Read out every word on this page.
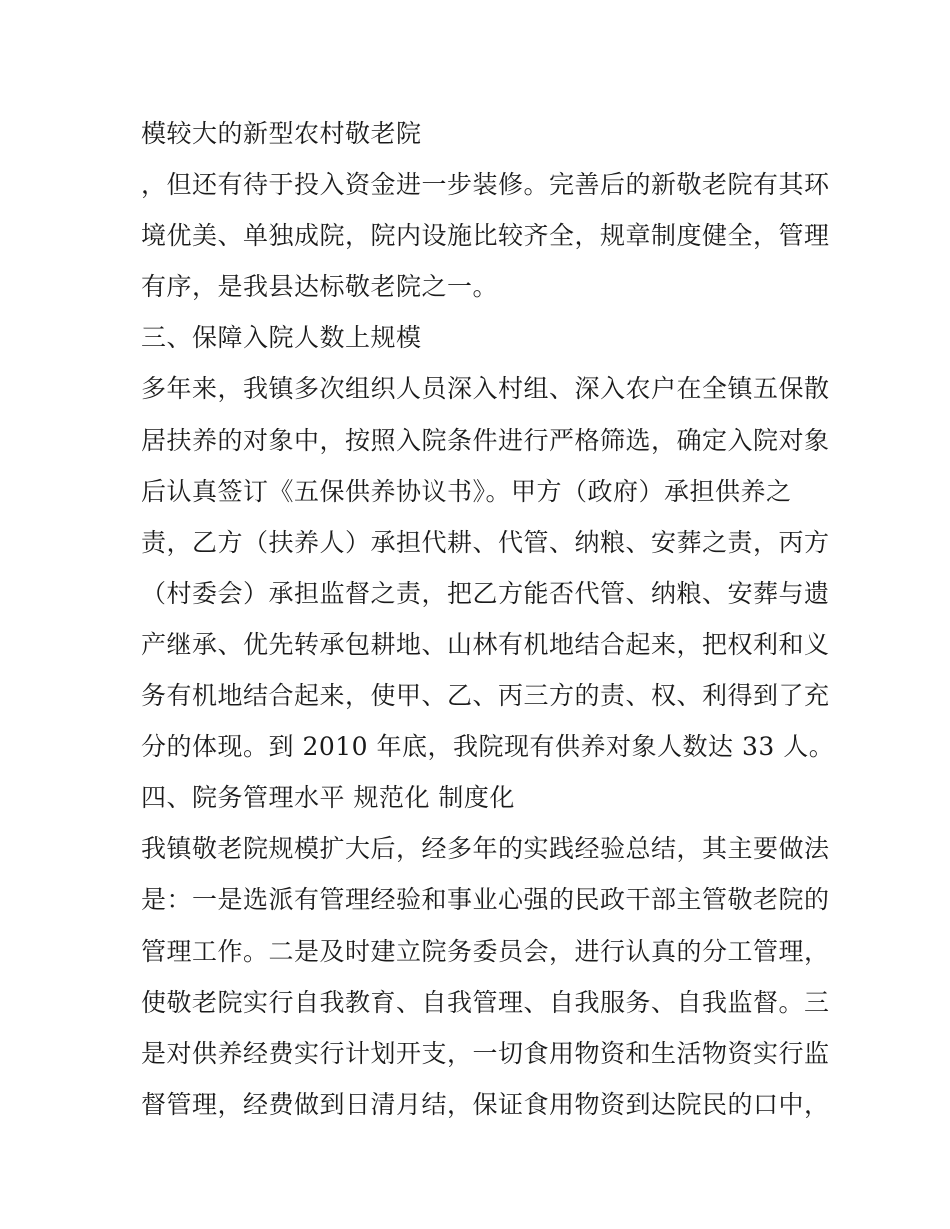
模较大的新型农村敬老院
，但还有待于投入资金进一步装修。完善后的新敬老院有其环
境优美、单独成院，院内设施比较齐全，规章制度健全，管理
有序，是我县达标敬老院之一。
三、保障入院人数上规模
多年来，我镇多次组织人员深入村组、深入农户在全镇五保散
居扶养的对象中，按照入院条件进行严格筛选，确定入院对象
后认真签订《五保供养协议书》。甲方（政府）承担供养之
责，乙方（扶养人）承担代耕、代管、纳粮、安葬之责，丙方
（村委会）承担监督之责，把乙方能否代管、纳粮、安葬与遗
产继承、优先转承包耕地、山林有机地结合起来，把权利和义
务有机地结合起来，使甲、乙、丙三方的责、权、利得到了充
分的体现。到 2010 年底，我院现有供养对象人数达 33 人。
四、院务管理水平 规范化 制度化
我镇敬老院规模扩大后，经多年的实践经验总结，其主要做法
是：一是选派有管理经验和事业心强的民政干部主管敬老院的
管理工作。二是及时建立院务委员会，进行认真的分工管理，
使敬老院实行自我教育、自我管理、自我服务、自我监督。三
是对供养经费实行计划开支，一切食用物资和生活物资实行监
督管理，经费做到日清月结，保证食用物资到达院民的口中，
